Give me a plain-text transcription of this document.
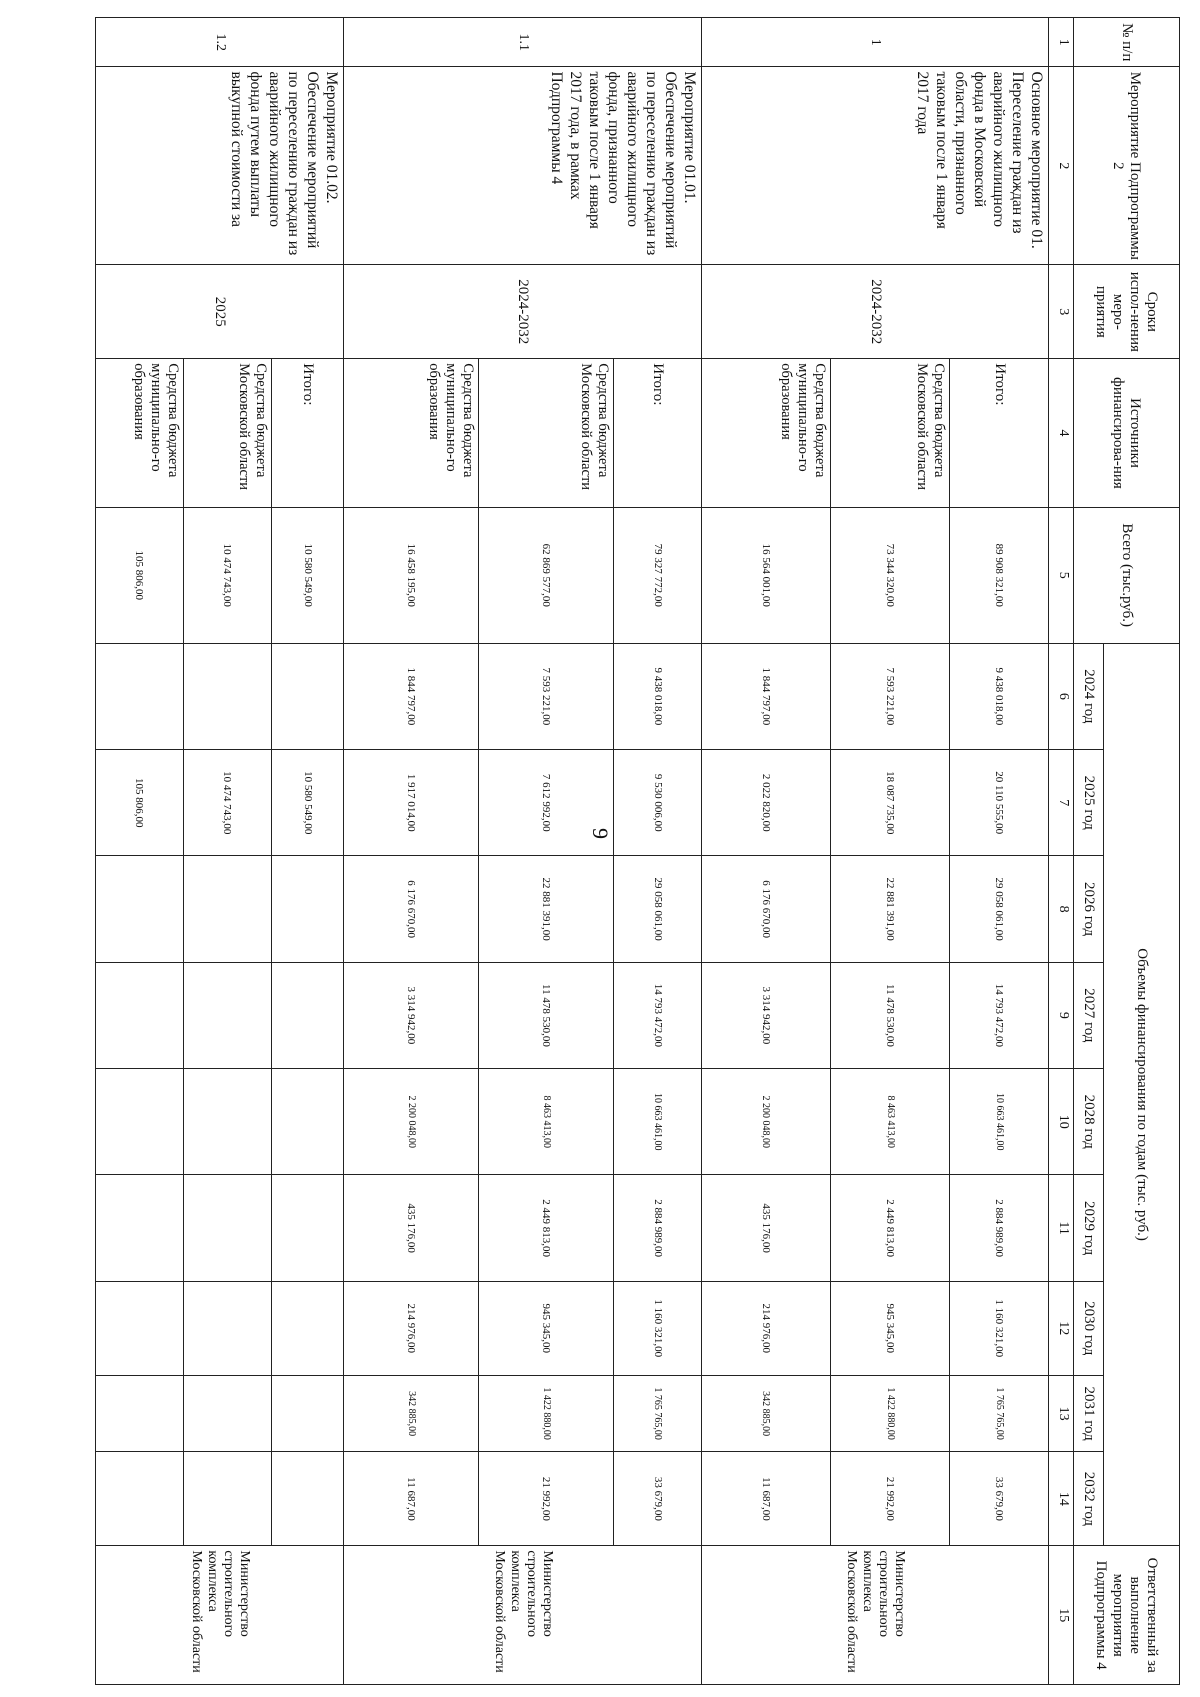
9
№ п/п	Мероприятие Подпрограммы 2	Сроки испол-нения меро-приятия	Источники финансирова-ния	Всего (тыс.руб.)	Объемы финансирования по годам (тыс. руб.)									Ответственный за выполнение мероприятия Подпрограммы 4
					2024 год	2025 год	2026 год	2027 год	2028 год	2029 год	2030 год	2031 год	2032 год	
1	2	3	4	5	6	7	8	9	10	11	12	13	14	15
1	Основное мероприятие 01. Переселение граждан из аварийного жилищного фонда в Московской области, признанного таковым после 1 января 2017 года	2024-2032	Итого:	89 908 321,00	9 438 018,00	20 110 555,00	29 058 061,00	14 793 472,00	10 663 461,00	2 884 989,00	1 160 321,00	1 765 765,00	33 679,00	Министерство строительного комплекса Московской области
			Средства бюджета Московской области	73 344 320,00	7 593 221,00	18 087 735,00	22 881 391,00	11 478 530,00	8 463 413,00	2 449 813,00	945 345,00	1 422 880,00	21 992,00	
			Средства бюджета муниципально-го образования	16 564 001,00	1 844 797,00	2 022 820,00	6 176 670,00	3 314 942,00	2 200 048,00	435 176,00	214 976,00	342 885,00	11 687,00	
1.1	Мероприятие 01.01. Обеспечение мероприятий по переселению граждан из аварийного жилищного фонда, признанного таковым после 1 января 2017 года, в рамках Подпрограммы 4	2024-2032	Итого:	79 327 772,00	9 438 018,00	9 530 006,00	29 058 061,00	14 793 472,00	10 663 461,00	2 884 989,00	1 160 321,00	1 765 765,00	33 679,00	Министерство строительного комплекса Московской области
			Средства бюджета Московской области	62 869 577,00	7 593 221,00	7 612 992,00	22 881 391,00	11 478 530,00	8 463 413,00	2 449 813,00	945 345,00	1 422 880,00	21 992,00	
			Средства бюджета муниципально-го образования	16 458 195,00	1 844 797,00	1 917 014,00	6 176 670,00	3 314 942,00	2 200 048,00	435 176,00	214 976,00	342 885,00	11 687,00	
1.2	Мероприятие 01.02. Обеспечение мероприятий по переселению граждан из аварийного жилищного фонда путем выплаты выкупной стоимости за	2025	Итого:	10 580 549,00		10 580 549,00								Министерство строительного комплекса Московской области
			Средства бюджета Московской области	10 474 743,00		10 474 743,00								
			Средства бюджета муниципально-го образования	105 806,00		105 806,00								
